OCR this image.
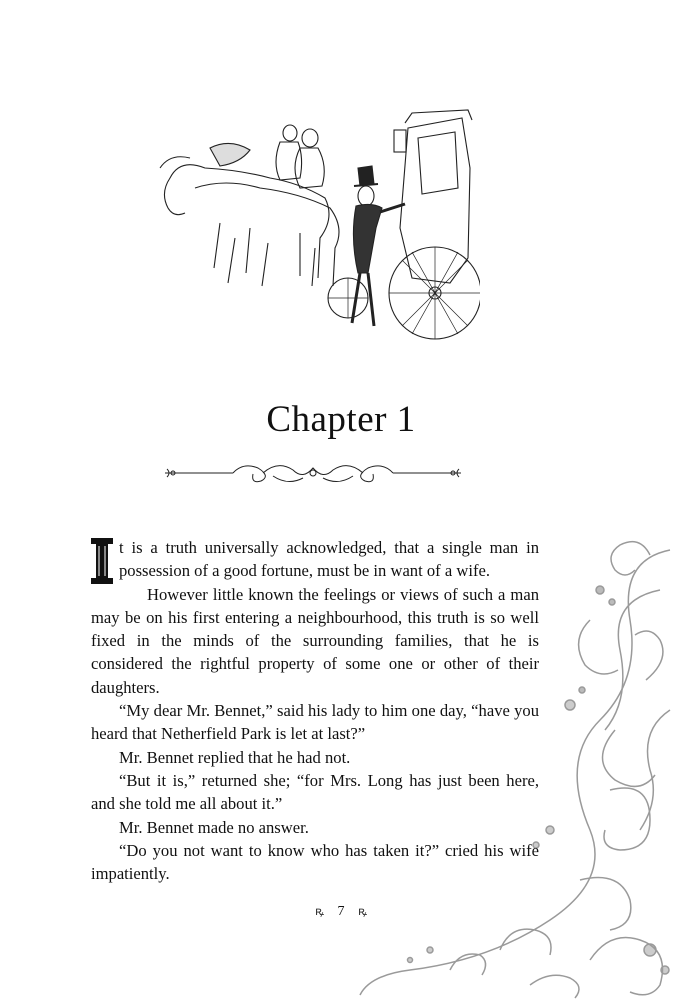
Chapter 1

t is a truth universally acknowledged, that a single man in possession of a good fortune, must be in want of a wife.

However little known the feelings or views of such a man may be on his first entering a neighbourhood, this truth is so well fixed in the minds of the surrounding families, that he is considered the rightful property of some one or other of their daughters.

“My dear Mr. Bennet,” said his lady to him one day, “have you heard that Netherfield Park is let at last?”

Mr. Bennet replied that he had not.

“But it is,” returned she; “for Mrs. Long has just been here, and she told me all about it.”

Mr. Bennet made no answer.

“Do you not want to know who has taken it?” cried his wife impatiently.

ꝶ 7 ꝶ
